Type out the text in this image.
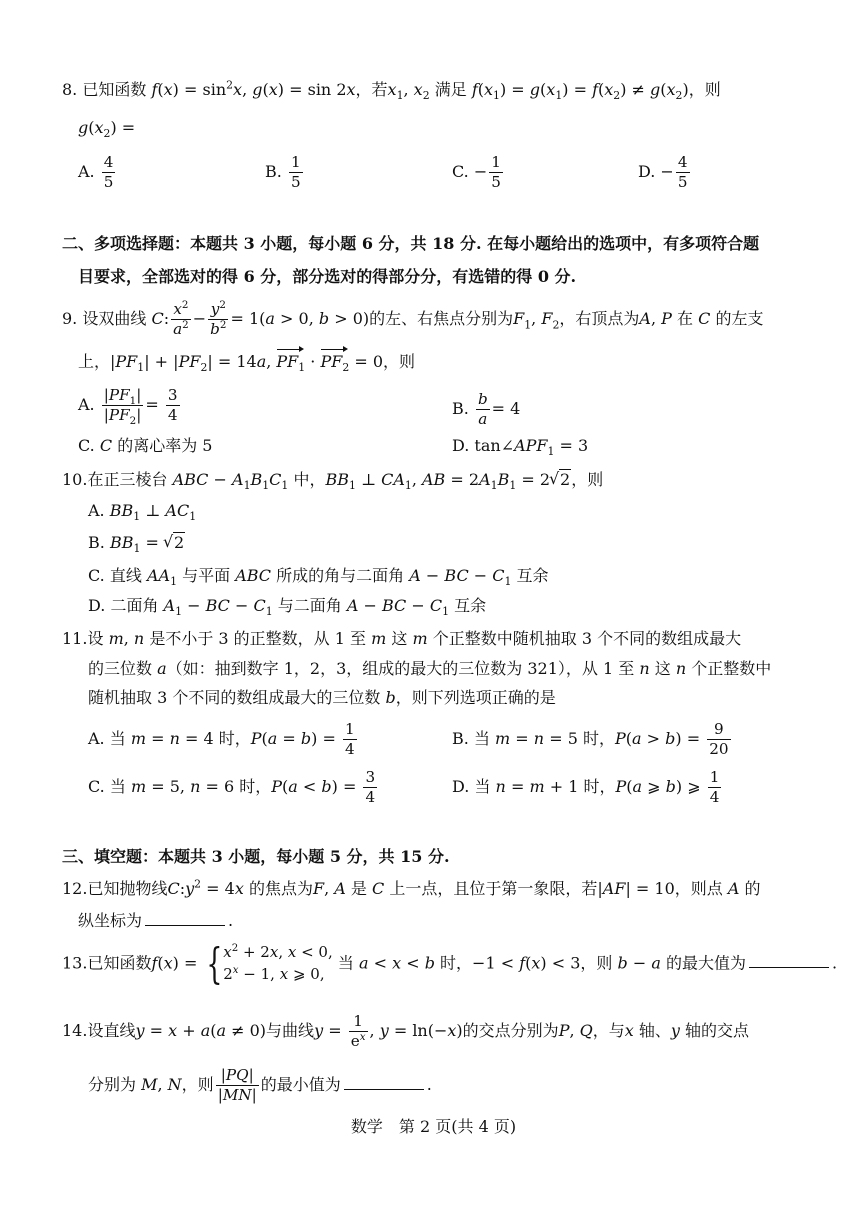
8. 已知函数 $f(x) = \sin^2x$, g(x) = sin 2x，若$x_1$, $x_2$ 满足 $f(x_1) = g(x_1) = f(x_2) \ne g(x_2)$，则
$g(x_2)$ =
A. $\frac{4}{5}$	B. $\frac{1}{5}$	C. − $\frac{1}{5}$	D. − $\frac{4}{5}$
二、多项选择题：本题共 3 小题，每小题 6 分，共 18 分. 在每小题给出的选项中，有多项符合题
目要求，全部选对的得 6 分，部分选对的得部分分，有选错的得 0 分.
9. 设双曲线 C: $\frac{x^2}{a^2} - \frac{y^2}{b^2} = 1(a > 0$, b > 0)的左、右焦点分别为$F_1$, $F_2$，右顶点为A, P 在 C 的左支
上，$|PF_1| + |PF_2| = 14a$, $PF_1 \cdot PF_2 = 0$，则
A. $\frac{|PF_1|}{|PF_2|} = \frac{3}{4}$	B. $\frac{b}{a} = 4$
C. C 的离心率为 5	D. $\tan\angle APF_1 = 3$
10.在正三棱台 ABC − $A_1B_1C_1$ 中，$BB_1$ ⊥ $CA_1$, AB = $2A_1B_1 = 2√$ 2，则
A. $BB_1$ ⊥ $AC_1$
B. $BB_1$ = √ 2
C. 直线 $AA_1$ 与平面 ABC 所成的角与二面角 A − BC − $C_1$ 互余
D. 二面角 $A_1$ − BC − $C_1$ 与二面角 A − BC − $C_1$ 互余
11.设 m, n 是不小于 3 的正整数，从 1 至 m 这 m 个正整数中随机抽取 3 个不同的数组成最大
的三位数 a（如：抽到数字 1，2，3，组成的最大的三位数为 321），从 1 至 n 这 n 个正整数中
随机抽取 3 个不同的数组成最大的三位数 b，则下列选项正确的是
A. 当 m = n = 4 时，$P(a = b) = \frac{1}{4}$	B. 当 m = n = 5 时，$P(a > b) = \frac{9}{20}$
C. 当 m = 5, n = 6 时，$P(a < b) = \frac{3}{4}$	D. 当 n = m + 1 时，P(a ⩾ b) ⩾ $\frac{1}{4}$
三、填空题：本题共 3 小题，每小题 5 分，共 15 分.
12.已知抛物线$C:y^2 = 4x$ 的焦点为F, A 是 C 上一点，且位于第一象限，若|AF| = 10，则点 A 的
纵坐标为	.
13.已知函数f(x) = { $x^2 + 2x$, x < 0,
$2^x - 1$, x ⩾ 0,
当 a < x < b 时，−1 < f(x) < 3，则 b − a 的最大值为	.
14.设直线y = x + a(a ≠ 0)与曲线$y = \frac{1}{e^x}$ , y = ln(−x)的交点分别为P, Q，与x 轴、y 轴的交点
分别为 M, N，则 $\frac{|PQ|}{|MN|}$ 的最小值为	.
数学　第 2 页(共 4 页)
